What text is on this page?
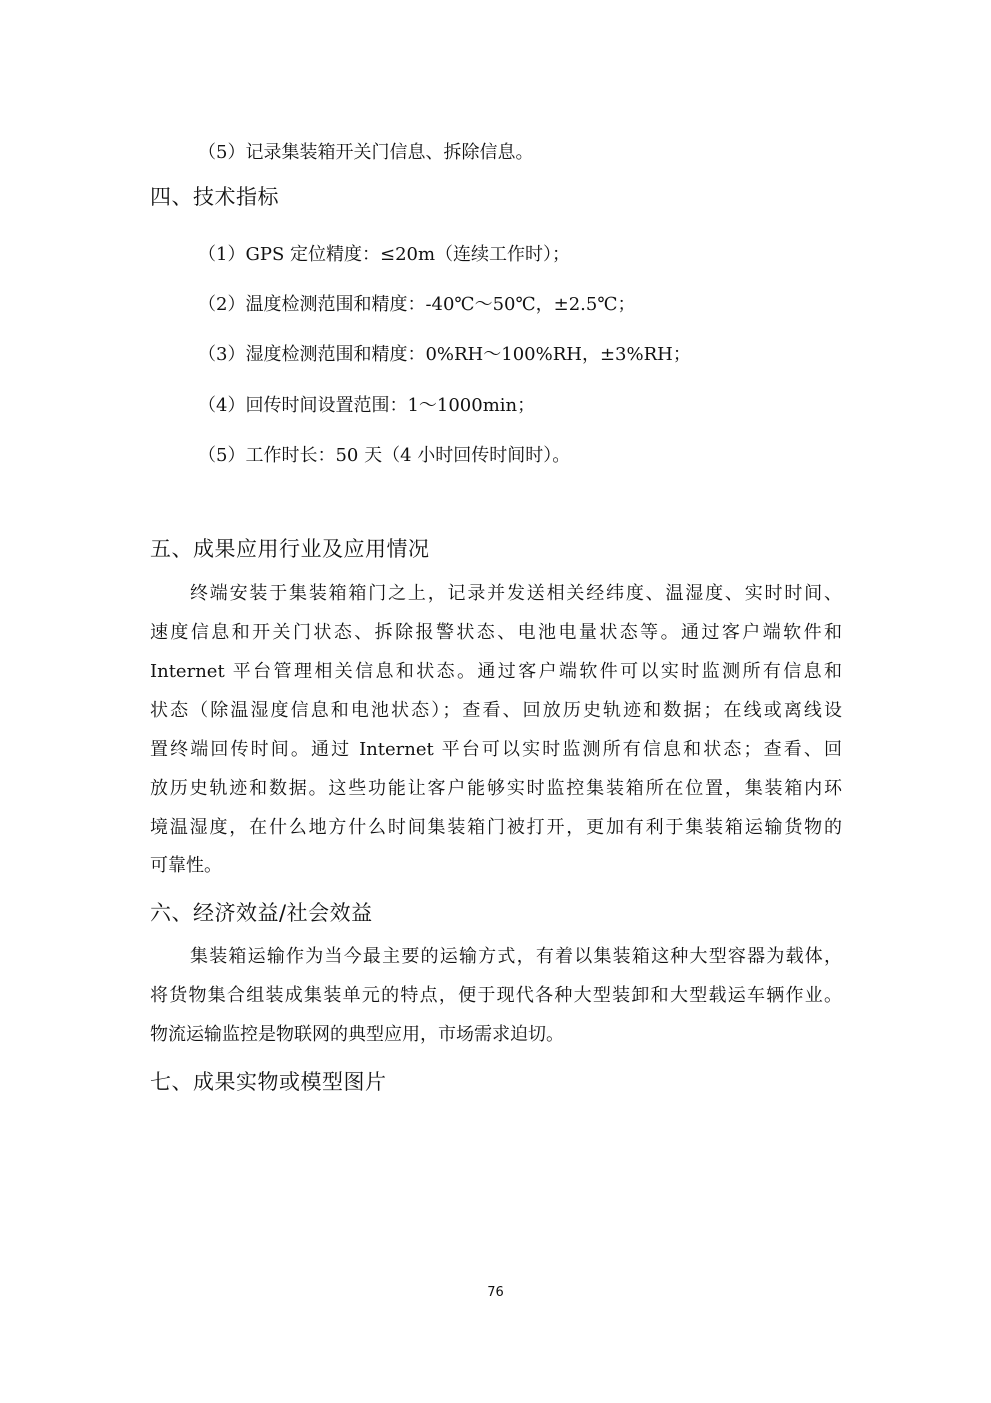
（5）记录集装箱开关门信息、拆除信息。
四、技术指标
（1）GPS 定位精度：≤20m（连续工作时）；
（2）温度检测范围和精度：-40℃～50℃，±2.5℃；
（3）湿度检测范围和精度：0%RH～100%RH，±3%RH；
（4）回传时间设置范围：1～1000min；
（5）工作时长：50 天（4 小时回传时间时）。
五、成果应用行业及应用情况
终端安装于集装箱箱门之上，记录并发送相关经纬度、温湿度、实时时间、
速度信息和开关门状态、拆除报警状态、电池电量状态等。通过客户端软件和
Internet 平台管理相关信息和状态。通过客户端软件可以实时监测所有信息和
状态（除温湿度信息和电池状态）；查看、回放历史轨迹和数据；在线或离线设
置终端回传时间。通过 Internet 平台可以实时监测所有信息和状态；查看、回
放历史轨迹和数据。这些功能让客户能够实时监控集装箱所在位置，集装箱内环
境温湿度，在什么地方什么时间集装箱门被打开，更加有利于集装箱运输货物的
可靠性。
六、经济效益/社会效益
集装箱运输作为当今最主要的运输方式，有着以集装箱这种大型容器为载体，
将货物集合组装成集装单元的特点，便于现代各种大型装卸和大型载运车辆作业。
物流运输监控是物联网的典型应用，市场需求迫切。
七、成果实物或模型图片
76
